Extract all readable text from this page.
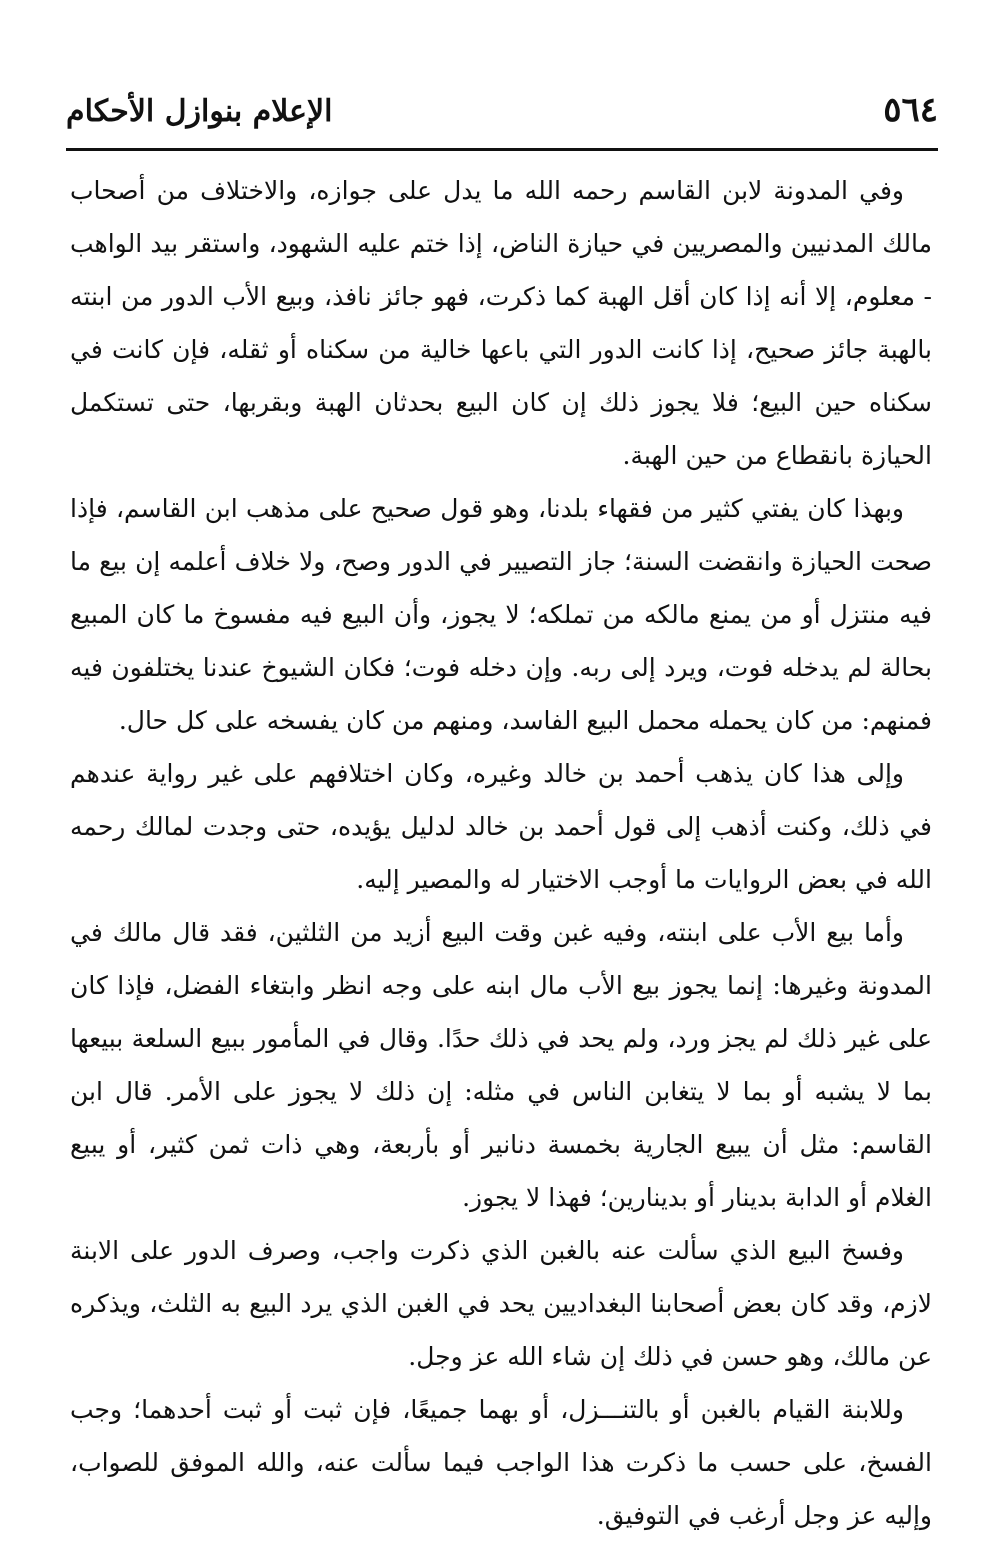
٥٦٤
الإعلام بنوازل الأحكام

وفي المدونة لابن القاسم رحمه الله ما يدل على جوازه، والاختلاف من أصحاب مالك المدنيين والمصريين في حيازة الناض، إذا ختم عليه الشهود، واستقر بيد الواهب - معلوم، إلا أنه إذا كان أقل الهبة كما ذكرت، فهو جائز نافذ، وبيع الأب الدور من ابنته بالهبة جائز صحيح، إذا كانت الدور التي باعها خالية من سكناه أو ثقله، فإن كانت في سكناه حين البيع؛ فلا يجوز ذلك إن كان البيع بحدثان الهبة وبقربها، حتى تستكمل الحيازة بانقطاع من حين الهبة.

وبهذا كان يفتي كثير من فقهاء بلدنا، وهو قول صحيح على مذهب ابن القاسم، فإذا صحت الحيازة وانقضت السنة؛ جاز التصيير في الدور وصح، ولا خلاف أعلمه إن بيع ما فيه منتزل أو من يمنع مالكه من تملكه؛ لا يجوز، وأن البيع فيه مفسوخ ما كان المبيع بحالة لم يدخله فوت، ويرد إلى ربه. وإن دخله فوت؛ فكان الشيوخ عندنا يختلفون فيه فمنهم: من كان يحمله محمل البيع الفاسد، ومنهم من كان يفسخه على كل حال.

وإلى هذا كان يذهب أحمد بن خالد وغيره، وكان اختلافهم على غير رواية عندهم في ذلك، وكنت أذهب إلى قول أحمد بن خالد لدليل يؤيده، حتى وجدت لمالك رحمه الله في بعض الروايات ما أوجب الاختيار له والمصير إليه.

وأما بيع الأب على ابنته، وفيه غبن وقت البيع أزيد من الثلثين، فقد قال مالك في المدونة وغيرها: إنما يجوز بيع الأب مال ابنه على وجه انظر وابتغاء الفضل، فإذا كان على غير ذلك لم يجز ورد، ولم يحد في ذلك حدًا. وقال في المأمور ببيع السلعة ببيعها بما لا يشبه أو بما لا يتغابن الناس في مثله: إن ذلك لا يجوز على الأمر. قال ابن القاسم: مثل أن يبيع الجارية بخمسة دنانير أو بأربعة، وهي ذات ثمن كثير، أو يبيع الغلام أو الدابة بدينار أو بدينارين؛ فهذا لا يجوز.

وفسخ البيع الذي سألت عنه بالغبن الذي ذكرت واجب، وصرف الدور على الابنة لازم، وقد كان بعض أصحابنا البغداديين يحد في الغبن الذي يرد البيع به الثلث، ويذكره عن مالك، وهو حسن في ذلك إن شاء الله عز وجل.

وللابنة القيام بالغبن أو بالتنـــزل، أو بهما جميعًا، فإن ثبت أو ثبت أحدهما؛ وجب الفسخ، على حسب ما ذكرت هذا الواجب فيما سألت عنه، والله الموفق للصواب، وإليه عز وجل أرغب في التوفيق.
